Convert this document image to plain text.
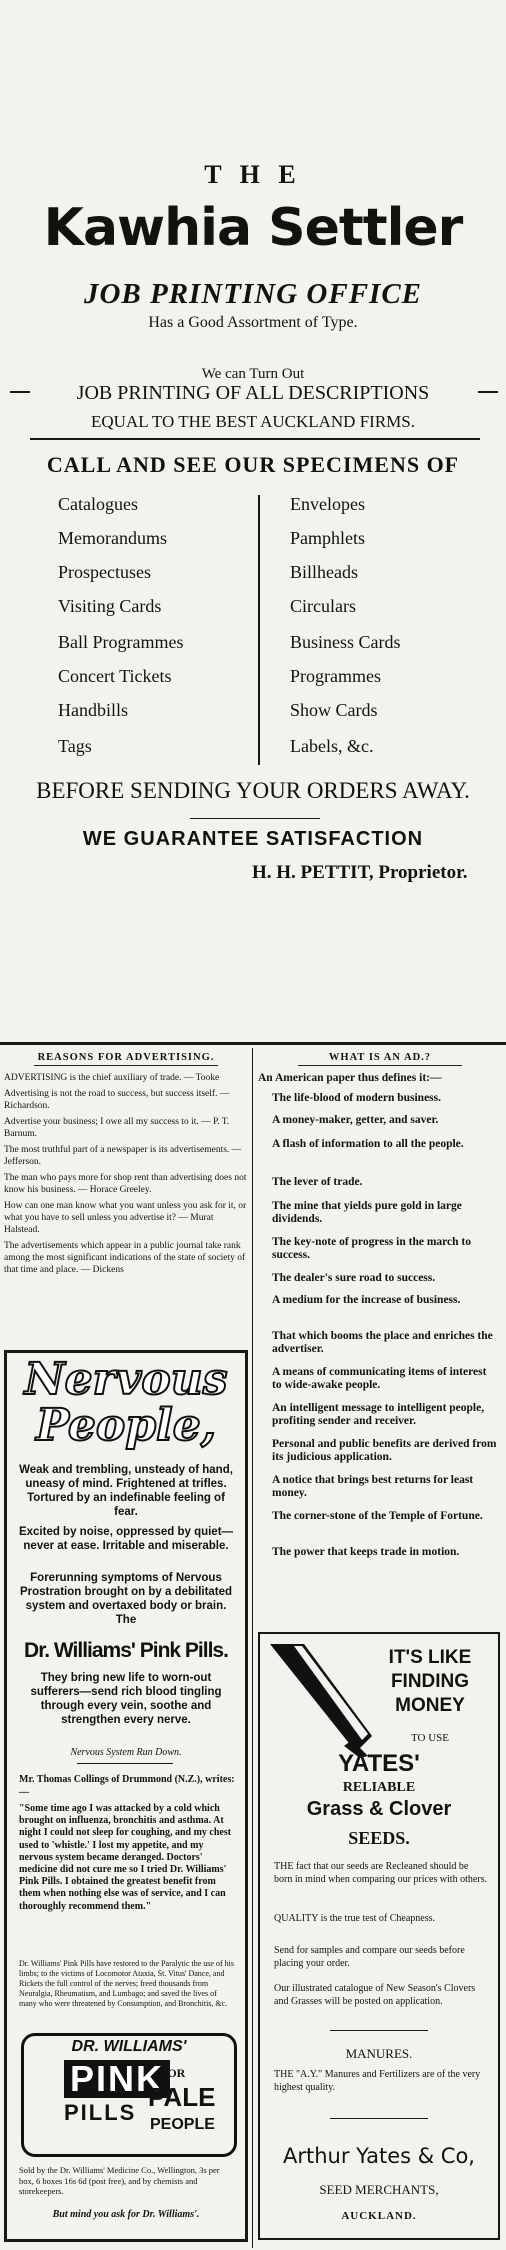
T H E
Kawhia Settler
JOB PRINTING OFFICE
Has a Good Assortment of Type.
We can Turn Out
JOB PRINTING OF ALL DESCRIPTIONS
EQUAL TO THE BEST AUCKLAND FIRMS.
CALL AND SEE OUR SPECIMENS OF
Catalogues
Memorandums
Prospectuses
Visiting Cards
Ball Programmes
Concert Tickets
Handbills
Tags
Envelopes
Pamphlets
Billheads
Circulars
Business Cards
Programmes
Show Cards
Labels, &c.
BEFORE SENDING YOUR ORDERS AWAY.
WE GUARANTEE SATISFACTION
H. H. PETTIT, Proprietor.
REASONS FOR ADVERTISING.
ADVERTISING is the chief auxiliary of trade. — Tooke
Advertising is not the road to success, but success itself. — Richardson.
Advertise your business; I owe all my success to it. — P. T. Barnum.
The most truthful part of a newspaper is its advertisements. — Jefferson.
The man who pays more for shop rent than advertising does not know his business. — Horace Greeley.
How can one man know what you want unless you ask for it, or what you have to sell unless you advertise it? — Murat Halstead.
The advertisements which appear in a public journal take rank among the most significant indications of the state of society of that time and place. — Dickens
Nervous People,
Weak and trembling, unsteady of hand, uneasy of mind. Frightened at trifles. Tortured by an indefinable feeling of fear.
Excited by noise, oppressed by quiet—never at ease. Irritable and miserable.
Forerunning symptoms of Nervous Prostration brought on by a debilitated system and overtaxed body or brain. The
Dr. Williams' Pink Pills.
They bring new life to worn-out sufferers—send rich blood tingling through every vein, soothe and strengthen every nerve.
Nervous System Run Down.
Mr. Thomas Collings of Drummond (N.Z.), writes:—
"Some time ago I was attacked by a cold which brought on influenza, bronchitis and asthma. At night I could not sleep for coughing, and my chest used to 'whistle.' I lost my appetite, and my nervous system became deranged. Doctors' medicine did not cure me so I tried Dr. Williams' Pink Pills. I obtained the greatest benefit from them when nothing else was of service, and I can thoroughly recommend them."
Dr. Williams' Pink Pills have restored to the Paralytic the use of his limbs; to the victims of Locomotor Ataxia, St. Vitus' Dance, and Rickets the full control of the nerves; freed thousands from Neuralgia, Rheumatism, and Lumbago; and saved the lives of many who were threatened by Consumption, and Bronchitis, &c.
DR. WILLIAMS'
PINK
PILLS
FOR
PALE
PEOPLE
Sold by the Dr. Williams' Medicine Co., Wellington, 3s per box, 6 boxes 16s 6d (post free), and by chemists and storekeepers.
But mind you ask for Dr. Williams'.
WHAT IS AN AD.?
An American paper thus defines it:—
The life-blood of modern business.
A money-maker, getter, and saver.
A flash of information to all the people.
The lever of trade.
The mine that yields pure gold in large dividends.
The key-note of progress in the march to success.
The dealer's sure road to success.
A medium for the increase of business.
That which booms the place and enriches the advertiser.
A means of communicating items of interest to wide-awake people.
An intelligent message to intelligent people, profiting sender and receiver.
Personal and public benefits are derived from its judicious application.
A notice that brings best returns for least money.
The corner-stone of the Temple of Fortune.
The power that keeps trade in motion.
IT'S LIKE FINDING MONEY
TO USE
YATES'
RELIABLE
Grass & Clover
SEEDS.
THE fact that our seeds are Recleaned should be born in mind when comparing our prices with others.
QUALITY is the true test of Cheapness.
Send for samples and compare our seeds before placing your order.
Our illustrated catalogue of New Season's Clovers and Grasses will be posted on application.
MANURES.
THE "A.Y." Manures and Fertilizers are of the very highest quality.
Arthur Yates & Co,
SEED MERCHANTS,
AUCKLAND.
